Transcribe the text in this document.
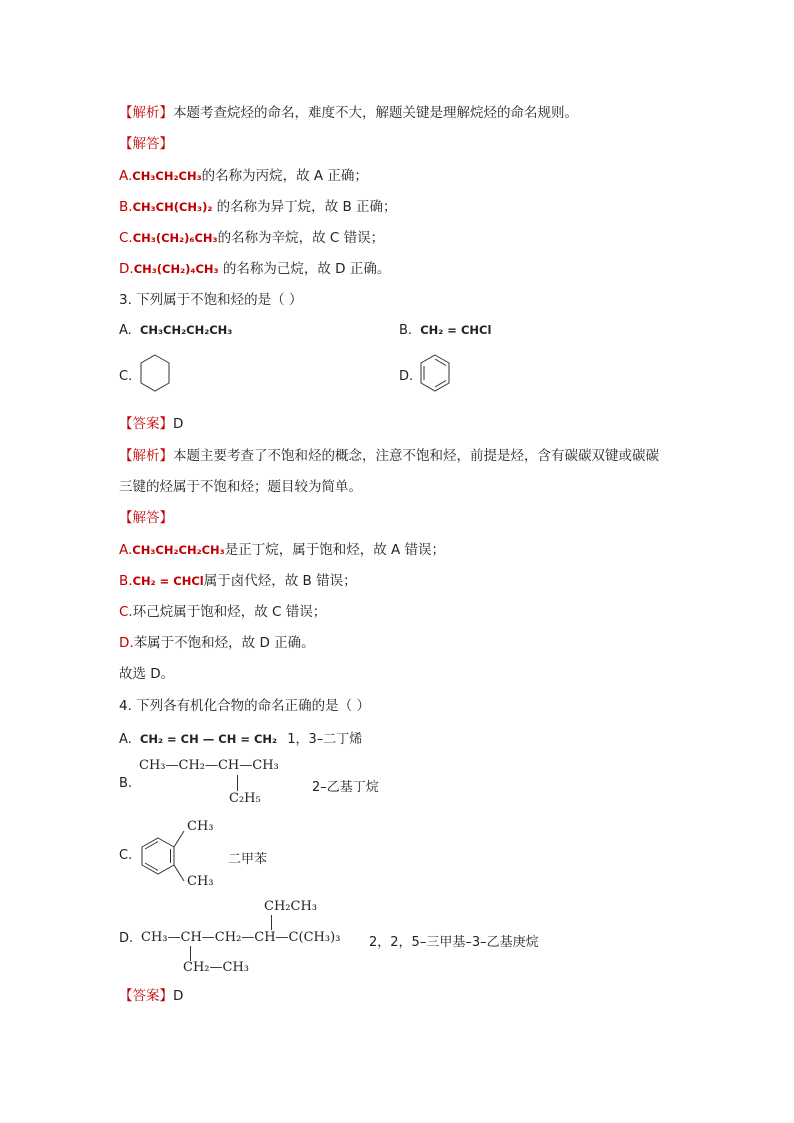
【解析】本题考查烷烃的命名，难度不大，解题关键是理解烷烃的命名规则。
【解答】
A.CH₃CH₂CH₃的名称为丙烷，故 A 正确；
B.CH₃CH(CH₃)₂ 的名称为异丁烷，故 B 正确；
C.CH₃(CH₂)₆CH₃的名称为辛烷，故 C 错误；
D.CH₃(CH₂)₄CH₃ 的名称为己烷，故 D 正确。
3. 下列属于不饱和烃的是（ ）
A. CH₃CH₂CH₂CH₃	B. CH₂ = CHCl
C.	D.
【答案】D
【解析】本题主要考查了不饱和烃的概念，注意不饱和烃，前提是烃，含有碳碳双键或碳碳
三键的烃属于不饱和烃；题目较为简单。
【解答】
A.CH₃CH₂CH₂CH₃是正丁烷，属于饱和烃，故 A 错误；
B.CH₂ = CHCl属于卤代烃，故 B 错误；
C.环己烷属于饱和烃，故 C 错误；
D.苯属于不饱和烃，故 D 正确。
故选 D。
4. 下列各有机化合物的命名正确的是（ ）
A. CH₂ = CH — CH = CH₂ 1，3–二丁烯
B.
CH₃—CH₂—CH—CH₃
C₂H₅
2–乙基丁烷
C.
CH₃
CH₃
二甲苯
D.
CH₂CH₃
CH₃—CH—CH₂—CH—C(CH₃)₃
CH₂—CH₃
2，2，5–三甲基–3–乙基庚烷
【答案】D
